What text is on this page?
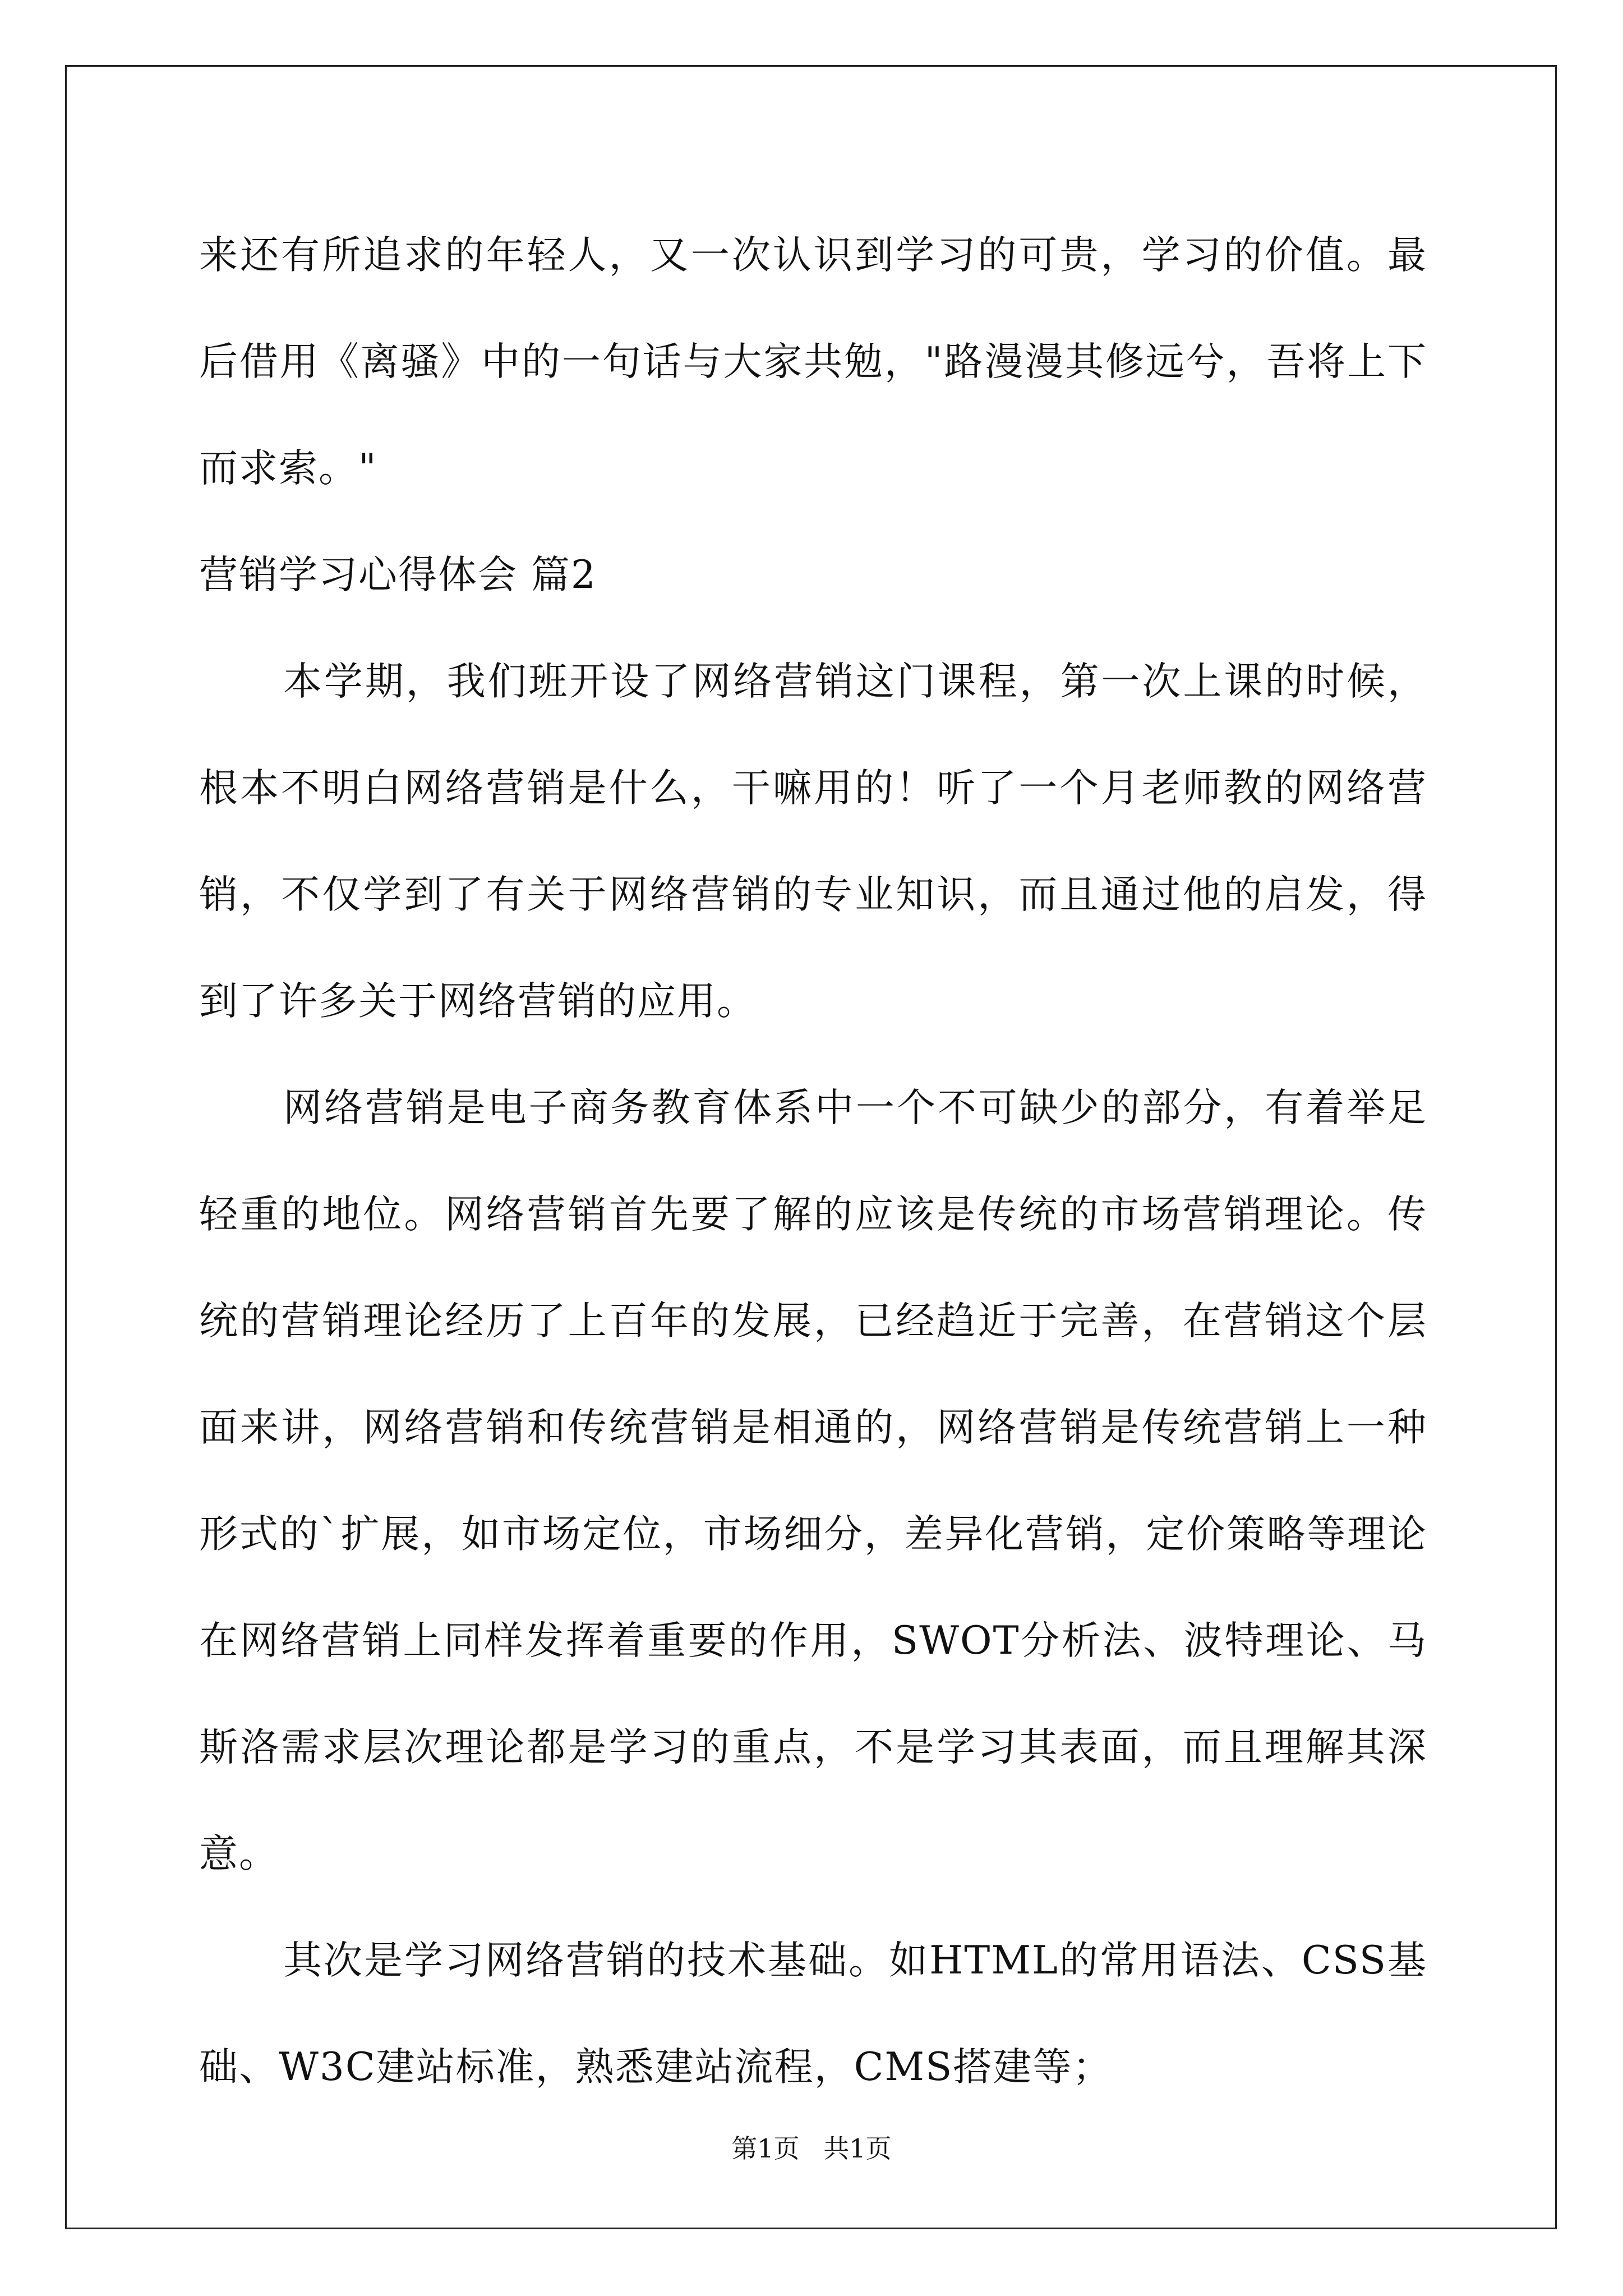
来还有所追求的年轻人，又一次认识到学习的可贵，学习的价值。最后借用《离骚》中的一句话与大家共勉，"路漫漫其修远兮，吾将上下而求索。"

营销学习心得体会 篇2

本学期，我们班开设了网络营销这门课程，第一次上课的时候，根本不明白网络营销是什么，干嘛用的！听了一个月老师教的网络营销，不仅学到了有关于网络营销的专业知识，而且通过他的启发，得到了许多关于网络营销的应用。

网络营销是电子商务教育体系中一个不可缺少的部分，有着举足轻重的地位。网络营销首先要了解的应该是传统的市场营销理论。传统的营销理论经历了上百年的发展，已经趋近于完善，在营销这个层面来讲，网络营销和传统营销是相通的，网络营销是传统营销上一种形式的`扩展，如市场定位，市场细分，差异化营销，定价策略等理论在网络营销上同样发挥着重要的作用，SWOT分析法、波特理论、马斯洛需求层次理论都是学习的重点，不是学习其表面，而且理解其深意。

其次是学习网络营销的技术基础。如HTML的常用语法、CSS基础、W3C建站标准，熟悉建站流程，CMS搭建等；

第1页 共1页
